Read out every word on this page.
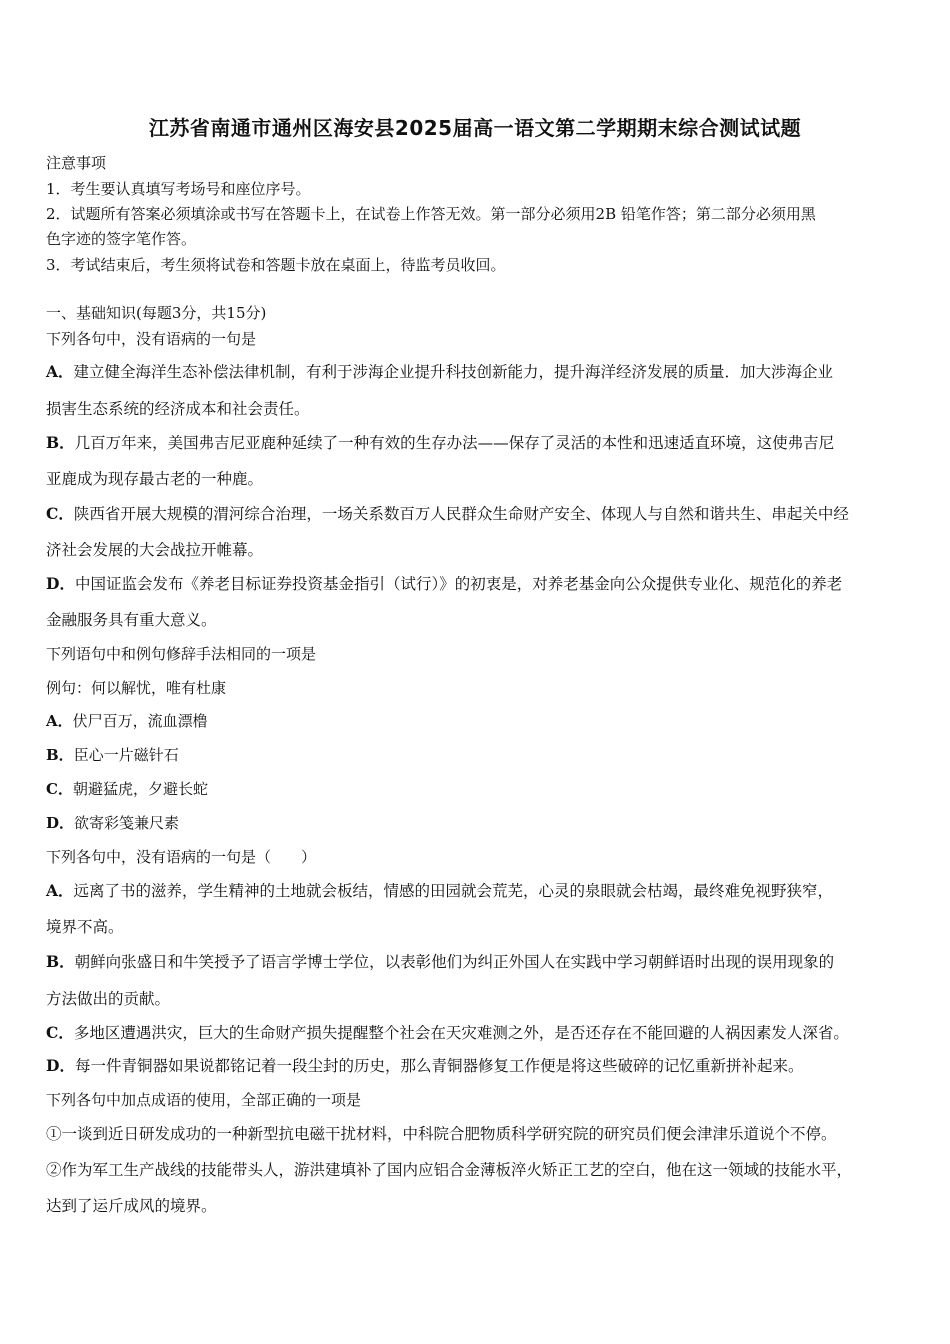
江苏省南通市通州区海安县2025届高一语文第二学期期末综合测试试题
注意事项
1．考生要认真填写考场号和座位序号。
2．试题所有答案必须填涂或书写在答题卡上，在试卷上作答无效。第一部分必须用2B 铅笔作答；第二部分必须用黑
色字迹的签字笔作答。
3．考试结束后，考生须将试卷和答题卡放在桌面上，待监考员收回。
一、基础知识(每题3分，共15分)
下列各句中，没有语病的一句是
A．建立健全海洋生态补偿法律机制，有利于涉海企业提升科技创新能力，提升海洋经济发展的质量．加大涉海企业
损害生态系统的经济成本和社会责任。
B．几百万年来，美国弗吉尼亚鹿种延续了一种有效的生存办法——保存了灵活的本性和迅速适直环境，这使弗吉尼
亚鹿成为现存最古老的一种鹿。
C．陕西省开展大规模的渭河综合治理，一场关系数百万人民群众生命财产安全、体现人与自然和谐共生、串起关中经
济社会发展的大会战拉开帷幕。
D．中国证监会发布《养老目标证券投资基金指引（试行）》的初衷是，对养老基金向公众提供专业化、规范化的养老
金融服务具有重大意义。
下列语句中和例句修辞手法相同的一项是
例句：何以解忧，唯有杜康
A．伏尸百万，流血漂橹
B．臣心一片磁针石
C．朝避猛虎，夕避长蛇
D．欲寄彩笺兼尺素
下列各句中，没有语病的一句是（　　）
A．远离了书的滋养，学生精神的土地就会板结，情感的田园就会荒芜，心灵的泉眼就会枯竭，最终难免视野狭窄，
境界不高。
B．朝鲜向张盛日和牛笑授予了语言学博士学位，以表彰他们为纠正外国人在实践中学习朝鲜语时出现的误用现象的
方法做出的贡献。
C．多地区遭遇洪灾，巨大的生命财产损失提醒整个社会在天灾难测之外，是否还存在不能回避的人祸因素发人深省。
D．每一件青铜器如果说都铭记着一段尘封的历史，那么青铜器修复工作便是将这些破碎的记忆重新拼补起来。
下列各句中加点成语的使用，全部正确的一项是
①一谈到近日研发成功的一种新型抗电磁干扰材料，中科院合肥物质科学研究院的研究员们便会津津乐道说个不停。
②作为军工生产战线的技能带头人，游洪建填补了国内应铝合金薄板淬火矫正工艺的空白，他在这一领域的技能水平，
达到了运斤成风的境界。
